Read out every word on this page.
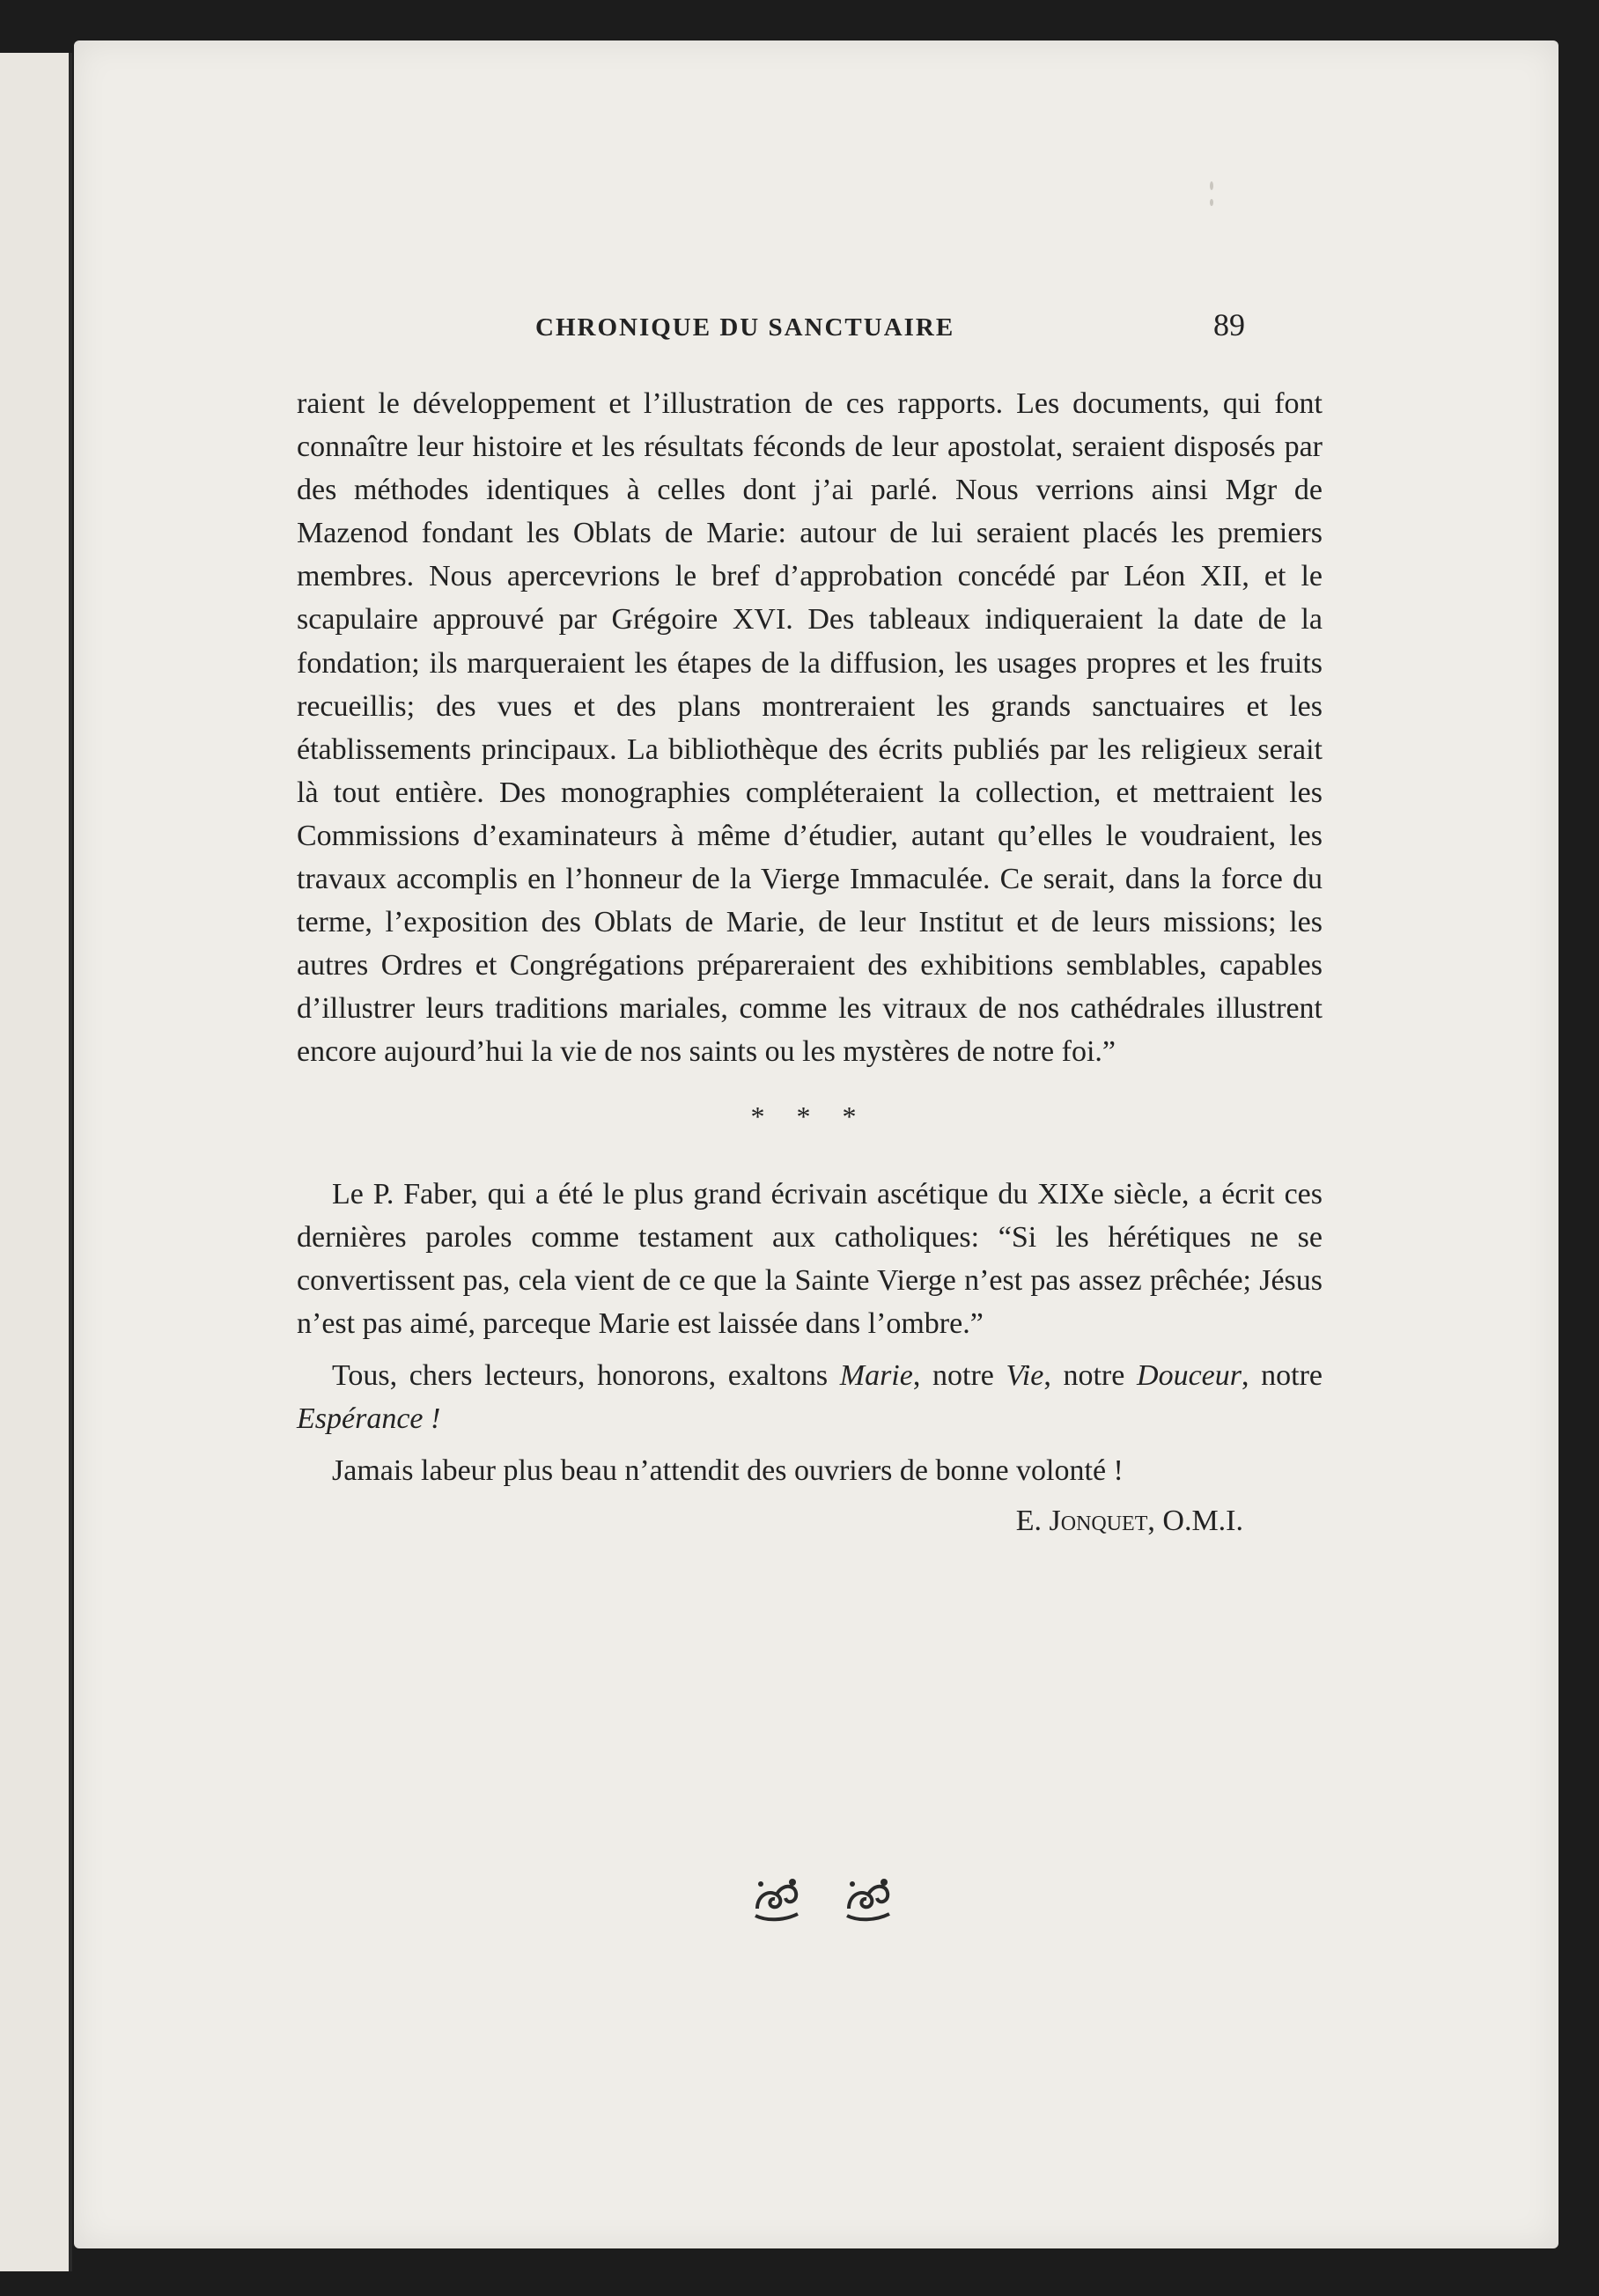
CHRONIQUE DU SANCTUAIRE	89

raient le développement et l’illustration de ces rapports. Les documents, qui font connaître leur histoire et les résultats féconds de leur apostolat, seraient disposés par des méthodes identiques à celles dont j’ai parlé. Nous verrions ainsi Mgr de Mazenod fondant les Oblats de Marie: autour de lui seraient placés les premiers membres. Nous apercevrions le bref d’approbation concédé par Léon XII, et le scapulaire approuvé par Grégoire XVI. Des tableaux indiqueraient la date de la fondation; ils marqueraient les étapes de la diffusion, les usages propres et les fruits recueillis; des vues et des plans montreraient les grands sanctuaires et les établissements principaux. La bibliothèque des écrits publiés par les religieux serait là tout entière. Des monographies compléteraient la collection, et mettraient les Commissions d’examinateurs à même d’étudier, autant qu’elles le voudraient, les travaux accomplis en l’honneur de la Vierge Immaculée. Ce serait, dans la force du terme, l’exposition des Oblats de Marie, de leur Institut et de leurs missions; les autres Ordres et Congrégations prépareraient des exhibitions semblables, capables d’illustrer leurs traditions mariales, comme les vitraux de nos cathédrales illustrent encore aujourd’hui la vie de nos saints ou les mystères de notre foi.”

* * *

Le P. Faber, qui a été le plus grand écrivain ascétique du XIXe siècle, a écrit ces dernières paroles comme testament aux catholiques: “Si les hérétiques ne se convertissent pas, cela vient de ce que la Sainte Vierge n’est pas assez prêchée; Jésus n’est pas aimé, parceque Marie est laissée dans l’ombre.”

Tous, chers lecteurs, honorons, exaltons Marie, notre Vie, notre Douceur, notre Espérance !

Jamais labeur plus beau n’attendit des ouvriers de bonne volonté !

E. Jonquet, O.M.I.
